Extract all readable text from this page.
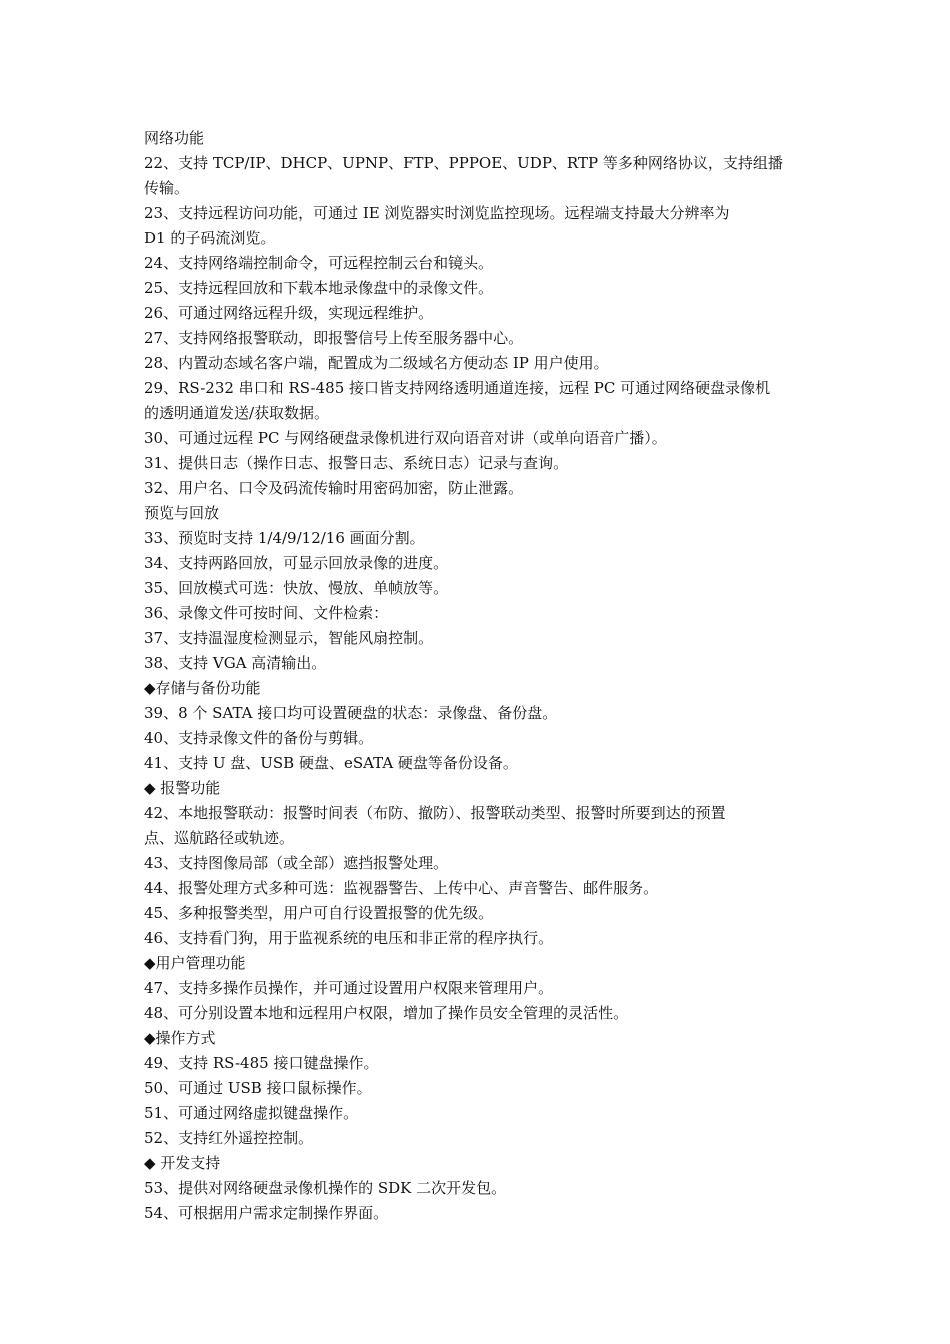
网络功能
22、支持 TCP/IP、DHCP、UPNP、FTP、PPPOE、UDP、RTP 等多种网络协议，支持组播
传输。
23、支持远程访问功能，可通过 IE 浏览器实时浏览监控现场。远程端支持最大分辨率为
D1 的子码流浏览。
24、支持网络端控制命令，可远程控制云台和镜头。
25、支持远程回放和下载本地录像盘中的录像文件。
26、可通过网络远程升级，实现远程维护。
27、支持网络报警联动，即报警信号上传至服务器中心。
28、内置动态域名客户端，配置成为二级域名方便动态 IP 用户使用。
29、RS-232 串口和 RS-485 接口皆支持网络透明通道连接，远程 PC 可通过网络硬盘录像机
的透明通道发送/获取数据。
30、可通过远程 PC 与网络硬盘录像机进行双向语音对讲（或单向语音广播）。
31、提供日志（操作日志、报警日志、系统日志）记录与查询。
32、用户名、口令及码流传输时用密码加密，防止泄露。
预览与回放
33、预览时支持 1/4/9/12/16 画面分割。
34、支持两路回放，可显示回放录像的进度。
35、回放模式可选：快放、慢放、单帧放等。
36、录像文件可按时间、文件检索：
37、支持温湿度检测显示，智能风扇控制。
38、支持 VGA 高清输出。
◆存储与备份功能
39、8 个 SATA 接口均可设置硬盘的状态：录像盘、备份盘。
40、支持录像文件的备份与剪辑。
41、支持 U 盘、USB 硬盘、eSATA 硬盘等备份设备。
◆ 报警功能
42、本地报警联动：报警时间表（布防、撤防）、报警联动类型、报警时所要到达的预置
点、巡航路径或轨迹。
43、支持图像局部（或全部）遮挡报警处理。
44、报警处理方式多种可选：监视器警告、上传中心、声音警告、邮件服务。
45、多种报警类型，用户可自行设置报警的优先级。
46、支持看门狗，用于监视系统的电压和非正常的程序执行。
◆用户管理功能
47、支持多操作员操作，并可通过设置用户权限来管理用户。
48、可分别设置本地和远程用户权限，增加了操作员安全管理的灵活性。
◆操作方式
49、支持 RS-485 接口键盘操作。
50、可通过 USB 接口鼠标操作。
51、可通过网络虚拟键盘操作。
52、支持红外遥控控制。
◆ 开发支持
53、提供对网络硬盘录像机操作的 SDK 二次开发包。
54、可根据用户需求定制操作界面。
